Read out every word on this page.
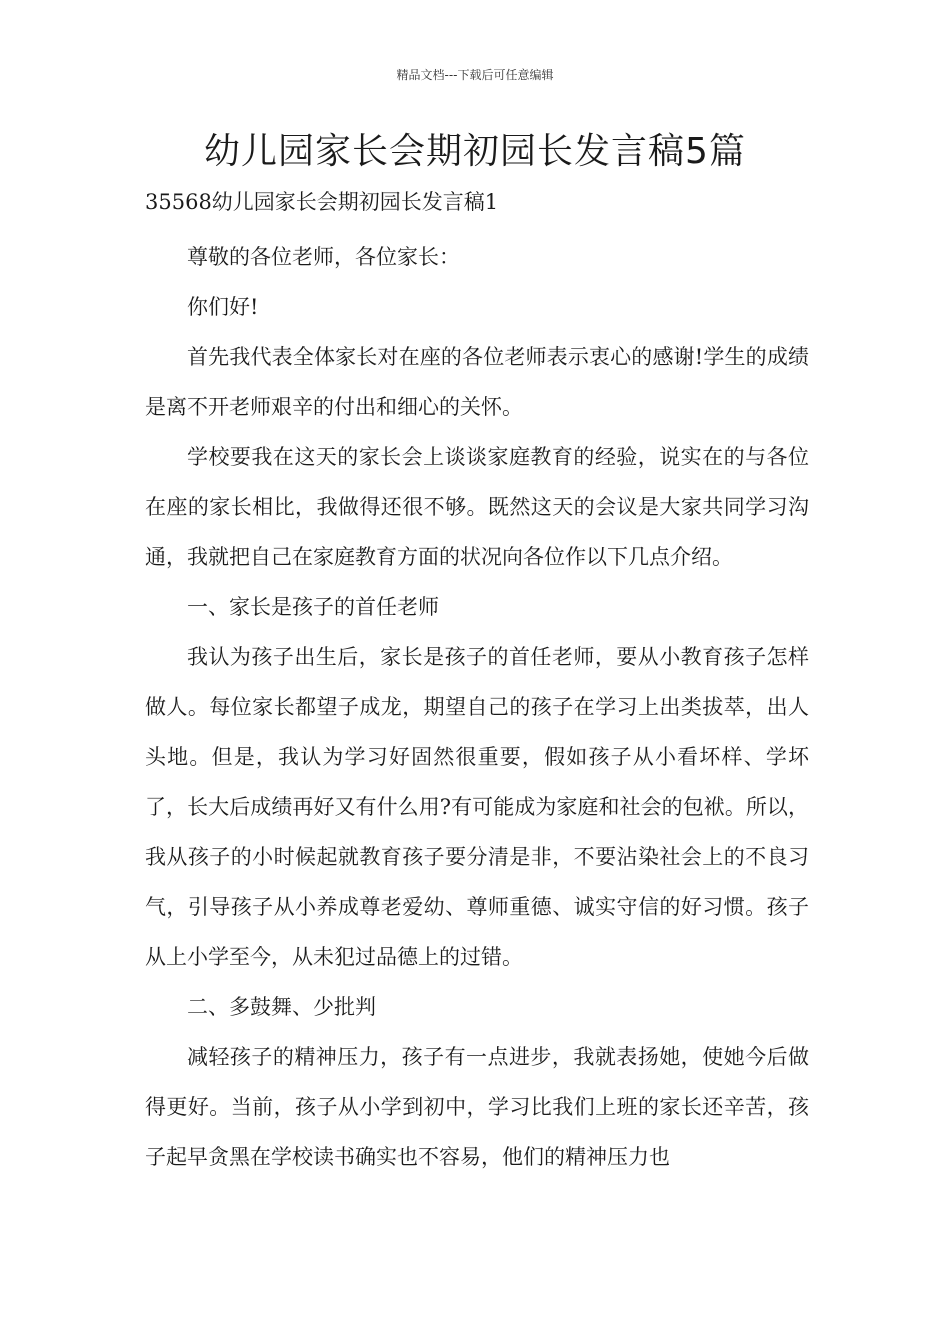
精品文档---下载后可任意编辑
幼儿园家长会期初园长发言稿5篇
35568幼儿园家长会期初园长发言稿1

尊敬的各位老师，各位家长：

你们好!

首先我代表全体家长对在座的各位老师表示衷心的感谢!学生的成绩是离不开老师艰辛的付出和细心的关怀。

学校要我在这天的家长会上谈谈家庭教育的经验，说实在的与各位在座的家长相比，我做得还很不够。既然这天的会议是大家共同学习沟通，我就把自己在家庭教育方面的状况向各位作以下几点介绍。

一、家长是孩子的首任老师

我认为孩子出生后，家长是孩子的首任老师，要从小教育孩子怎样做人。每位家长都望子成龙，期望自己的孩子在学习上出类拔萃，出人头地。但是，我认为学习好固然很重要，假如孩子从小看坏样、学坏了，长大后成绩再好又有什么用?有可能成为家庭和社会的包袱。所以，我从孩子的小时候起就教育孩子要分清是非，不要沾染社会上的不良习气，引导孩子从小养成尊老爱幼、尊师重德、诚实守信的好习惯。孩子从上小学至今，从未犯过品德上的过错。

二、多鼓舞、少批判

减轻孩子的精神压力，孩子有一点进步，我就表扬她，使她今后做得更好。当前，孩子从小学到初中，学习比我们上班的家长还辛苦，孩子起早贪黑在学校读书确实也不容易，他们的精神压力也
